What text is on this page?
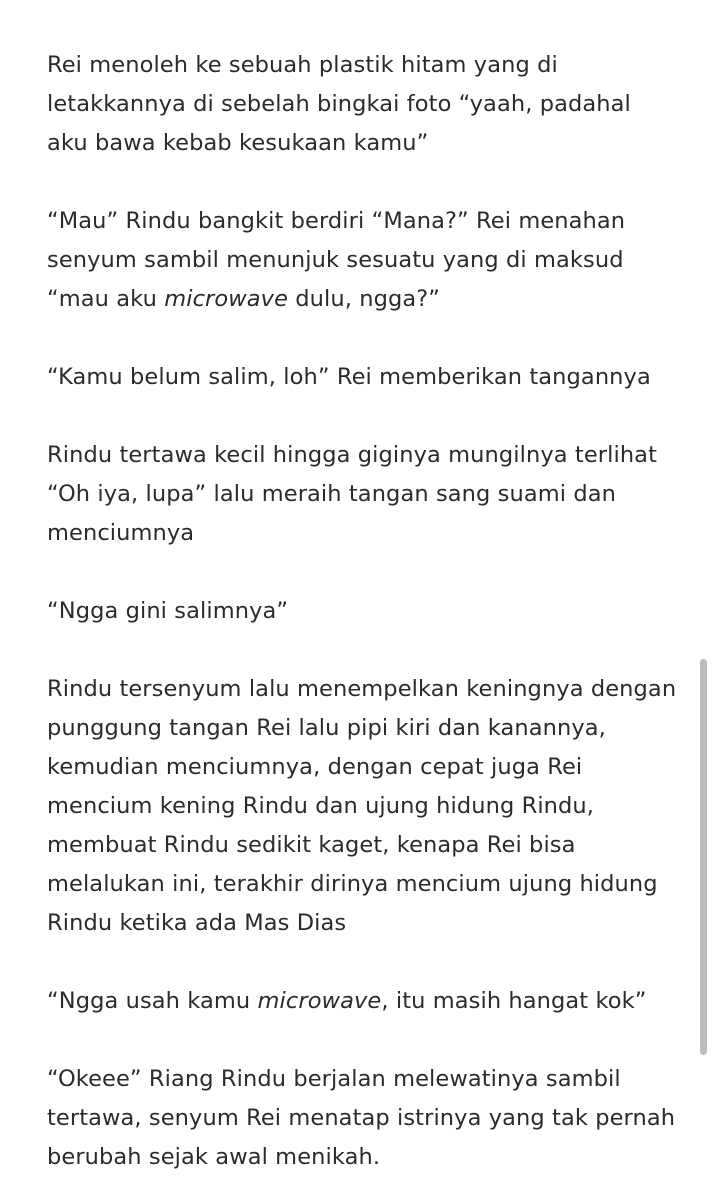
Rei menoleh ke sebuah plastik hitam yang di
letakkannya di sebelah bingkai foto “yaah, padahal
aku bawa kebab kesukaan kamu”

“Mau” Rindu bangkit berdiri “Mana?” Rei menahan
senyum sambil menunjuk sesuatu yang di maksud
“mau aku microwave dulu, ngga?”

“Kamu belum salim, loh” Rei memberikan tangannya

Rindu tertawa kecil hingga giginya mungilnya terlihat
“Oh iya, lupa” lalu meraih tangan sang suami dan
menciumnya

“Ngga gini salimnya”

Rindu tersenyum lalu menempelkan keningnya dengan
punggung tangan Rei lalu pipi kiri dan kanannya,
kemudian menciumnya, dengan cepat juga Rei
mencium kening Rindu dan ujung hidung Rindu,
membuat Rindu sedikit kaget, kenapa Rei bisa
melalukan ini, terakhir dirinya mencium ujung hidung
Rindu ketika ada Mas Dias

“Ngga usah kamu microwave, itu masih hangat kok”

“Okeee” Riang Rindu berjalan melewatinya sambil
tertawa, senyum Rei menatap istrinya yang tak pernah
berubah sejak awal menikah.
